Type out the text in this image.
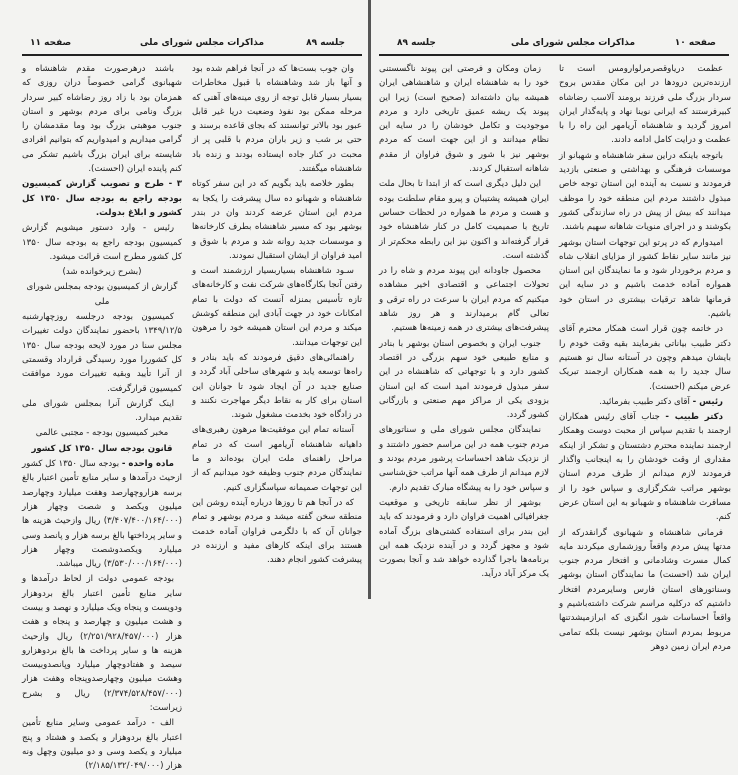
جلسه ۸۹
مذاکرات مجلس شورای ملی
صفحه ۱۱

وان جوب بست‌ها که در آنجا فراهم شده بود و آنها باز شد وشاهنشاه با قبول مخاطرات بسیار بسیار قابل توجه از روی مینه‌های آهنی که مرحله ممکن بود نفوذ وضعیت دریا غیر قابل عبور بود بالاتر توانستند که بجای قاعده برسند و حتی بر شب و زیر باران مردم با قلبی پر از محبت در کنار جاده ایستاده بودند و زنده باد شاهنشاه میگفتند.

بطور خلاصه باید بگویم که در این سفر کوتاه شاهنشاه و شهبانو ده سال پیشرفت را یکجا به مردم این استان عرضه کردند وان در بندر بوشهر بود که مسیر شاهنشاه بطرف کارخانه‌ها و موسسات جدید روانه شد و مردم با شوق و امید فراوان از ایشان استقبال نمودند.

سـود شاهنشاه بسیاربسیار ارزشمند است و رفتن آنجا بکارگاه‌های شرکت نفت و کارخانه‌های تازه تأسیس بمنزله آنست که دولت با تمام امکانات خود در جهت آبادی این منطقه کوشش میکند و مردم این استان همیشه خود را مرهون این توجهات میدانند.

راهنمائی‌های دقیق فرمودند که باید بنادر و راه‌ها توسعه یابد و شهرهای ساحلی آباد گردد و صنایع جدید در آن ایجاد شود تا جوانان این استان برای کار به نقاط دیگر مهاجرت نکنند و در زادگاه خود بخدمت مشغول شوند.

آستانه تمام این موفقیت‌ها مرهون رهبری‌های داهیانه شاهنشاه آریامهر است که در تمام مراحل راهنمای ملت ایران بوده‌اند و ما نمایندگان مردم جنوب وظیفه خود میدانیم که از این توجهات صمیمانه سپاسگزاری کنیم.

که در آنجا هم تا روزها درباره آینده روشن این منطقه سخن گفته میشد و مردم بوشهر و تمام جوانان آن که با دلگرمی فراوان آماده خدمت هستند برای اینکه کارهای مفید و ارزنده در پیشرفت کشور انجام دهند.

باشند درهرصورت مقدم شاهنشاه و شهبانوی گرامی خصوصاً دران روزی که همزمان بود با زاد روز رضاشاه کبیر سردار بزرگ ونامی برای مردم بوشهر و استان جنوب موهبتی بزرگ بود وما مقدمشان را گرامی میداریم و امیدواریم که بتوانیم افرادی شایسته برای ایران بزرگ باشیم تشکر می کنم پاینده ایران (احسنت).

۳ - طرح و تصویب گزارش کمیسیون بودجه راجع به بودجه سال ۱۳۵۰ کل کشور و ابلاغ بدولت.

رئیس - وارد دستور میشویم گزارش کمیسیون بودجه راجع به بودجه سال ۱۳۵۰ کل کشور مطرح است قرائت میشود.

(بشرح زیرخوانده شد)

گزارش از کمیسیون بودجه بمجلس شورای ملی

کمیسیون بودجه درجلسه روزچهارشنبه ۱۳۴۹/۱۲/۵ باحضور نمایندگان دولت تغییرات مجلس سنا در مورد لایحه بودجه سال ۱۳۵۰ کل کشوررا مورد رسیدگی قرارداد وقسمتی از آنرا تأیید وبقیه تغییرات مورد موافقت کمیسیون قرارگرفت.

اینک گزارش آنرا بمجلس شورای ملی تقدیم میدارد.

مخبر کمیسیون بودجه - مجتبی عالمی

قانون بودجه سال ۱۳۵۰ کل کشور

ماده واحده - بودجه سال ۱۳۵۰ کل کشور ازحیث درآمدها و سایر منابع تأمین اعتبار بالغ برسه هزاروچهارصد وهفت میلیارد وچهارصد میلیون ویکصد و شصت وچهار هزار (۳/۴۰۷/۴۰۰/۱۶۴/۰۰۰) ریال وازحیث هزینه ها و سایر پرداختها بالغ برسه هزار و پانصد وسی میلیارد ویکصدوشصت وچهار هزار (۳/۵۳۰/۰۰۰/۱۶۴/۰۰۰) ریال میباشد.

بودجه عمومی دولت از لحاظ درآمدها و سایر منابع تأمین اعتبار بالغ بردوهزار ودویست و پنجاه ویک میلیارد و نهصد و بیست و هشت میلیون و چهارصد و پنجاه و هفت هزار (۲/۲۵۱/۹۲۸/۴۵۷/۰۰۰) ریال وازحیث هزینه ها و سایر پرداخت ها بالغ بردوهزارو سیصد و هفتادوچهار میلیارد وپانصدوبیست وهشت میلیون وچهارصدوپنجاه وهفت هزار (۲/۳۷۴/۵۲۸/۴۵۷/۰۰۰) ریال و بشرح زیراست:

الف - درآمد عمومی وسایر منابع تأمین اعتبار بالغ بردوهزار و یکصد و هشتاد و پنج میلیارد و یکصد وسی و دو میلیون وچهل ونه هزار (۲/۱۸۵/۱۳۲/۰۴۹/۰۰۰)

صفحه ۱۰
مذاکرات مجلس شورای ملی
جلسه ۸۹

عظمت دریاوقصرمرلوارومس است تا ارزنده‌ترین درودها در این مکان مقدس بروح سردار بزرگ ملی فرزند برومند آلاسب رضاشاه کبیرفرستند که ایرانی نوینا نهاد و پایه‌گذار ایران امروز گردید و شاهنشاه آریامهر این راه را با عظمت و درایت کامل ادامه دادند.

باتوجه باینکه دراین سفر شاهنشاه و شهبانو از موسسات فرهنگی و بهداشتی و صنعتی بازدید فرمودند و نسبت به آینده این استان توجه خاص مبذول داشتند مردم این منطقه خود را موظف میدانند که بیش از پیش در راه سازندگی کشور بکوشند و در اجرای منویات شاهانه سهیم باشند.

امیدوارم که در پرتو این توجهات استان بوشهر نیز مانند سایر نقاط کشور از مزایای انقلاب شاه و مردم برخوردار شود و ما نمایندگان این استان همواره آماده خدمت باشیم و در سایه این فرمانها شاهد ترقیات بیشتری در استان خود باشیم.

در خاتمه چون قرار است همکار محترم آقای دکتر طبیب بیاناتی بفرمایند بقیه وقت خودم را بایشان میدهم وچون در آستانه سال نو هستیم سال جدید را به همه همکاران ارجمند تبریک عرض میکنم (احسنت).

رئیس - آقای دکتر طبیب بفرمائید.

دکتر طبیب - جناب آقای رئیس همکاران ارجمند با تقدیم سپاس از محبت دوست وهمکار ارجمند نماینده محترم دشتستان و تشکر از اینکه مقداری از وقت خودشان را به اینجانب واگذار فرمودند لازم میدانم از طرف مردم استان بوشهر مراتب شکرگزاری و سپاس خود را از مسافرت شاهنشاه و شهبانو به این استان عرض کنم.

فرمانی شاهنشاه و شهبانوی گرانقدرکه از مدتها پیش مردم واقعاً روزشماری میکردند مایه کمال مسرت وشادمانی و افتخار مردم جنوب ایران شد (احسنت) ما نمایندگان استان بوشهر وسناتورهای استان فارس وسایرمردم افتخار داشتیم که درکلیه مراسم شرکت داشته‌باشیم و واقعاً احساسات شور انگیزی که ابرازمیشدتنها مربوط بمردم استان بوشهر نیست بلکه تمامی مردم ایران زمین دوهر

زمان ومکان و فرصتی این پیوند ناگسستنی خود را به شاهنشاه ایران و شاهنشاهی ایران همیشه بیان داشته‌اند (صحیح است) زیرا این پیوند یک ریشه عمیق تاریخی دارد و مردم موجودیت و تکامل خودشان را در سایه این نظام میدانند و از این جهت است که مردم بوشهر نیز با شور و شوق فراوان از مقدم شاهانه استقبال کردند.

این دلیل دیگری است که از ابتدا تا بحال ملت ایران همیشه پشتیبان و پیرو مقام سلطنت بوده و هست و مردم ما همواره در لحظات حساس تاریخ با صمیمیت کامل در کنار شاهنشاه خود قرار گرفته‌اند و اکنون نیز این رابطه محکم‌تر از گذشته است.

محصول جاودانه این پیوند مردم و شاه را در تحولات اجتماعی و اقتصادی اخیر مشاهده میکنیم که مردم ایران با سرعت در راه ترقی و تعالی گام برمیدارند و هر روز شاهد پیشرفت‌های بیشتری در همه زمینه‌ها هستیم.

جنوب ایران و بخصوص استان بوشهر با بنادر و منابع طبیعی خود سهم بزرگی در اقتصاد کشور دارد و با توجهاتی که شاهنشاه در این سفر مبذول فرمودند امید است که این استان بزودی یکی از مراکز مهم صنعتی و بازرگانی کشور گردد.

نمایندگان مجلس شورای ملی و سناتورهای مردم جنوب همه در این مراسم حضور داشتند و از نزدیک شاهد احساسات پرشور مردم بودند و لازم میدانم از طرف همه آنها مراتب حق‌شناسی و سپاس خود را به پیشگاه مبارک تقدیم دارم.

بوشهر از نظر سابقه تاریخی و موقعیت جغرافیائی اهمیت فراوان دارد و فرمودند که باید این بندر برای استفاده کشتی‌های بزرگ آماده شود و مجهز گردد و در آینده نزدیک همه این برنامه‌ها باجرا گذارده خواهد شد و آنجا بصورت یک مرکز آباد درآید.
